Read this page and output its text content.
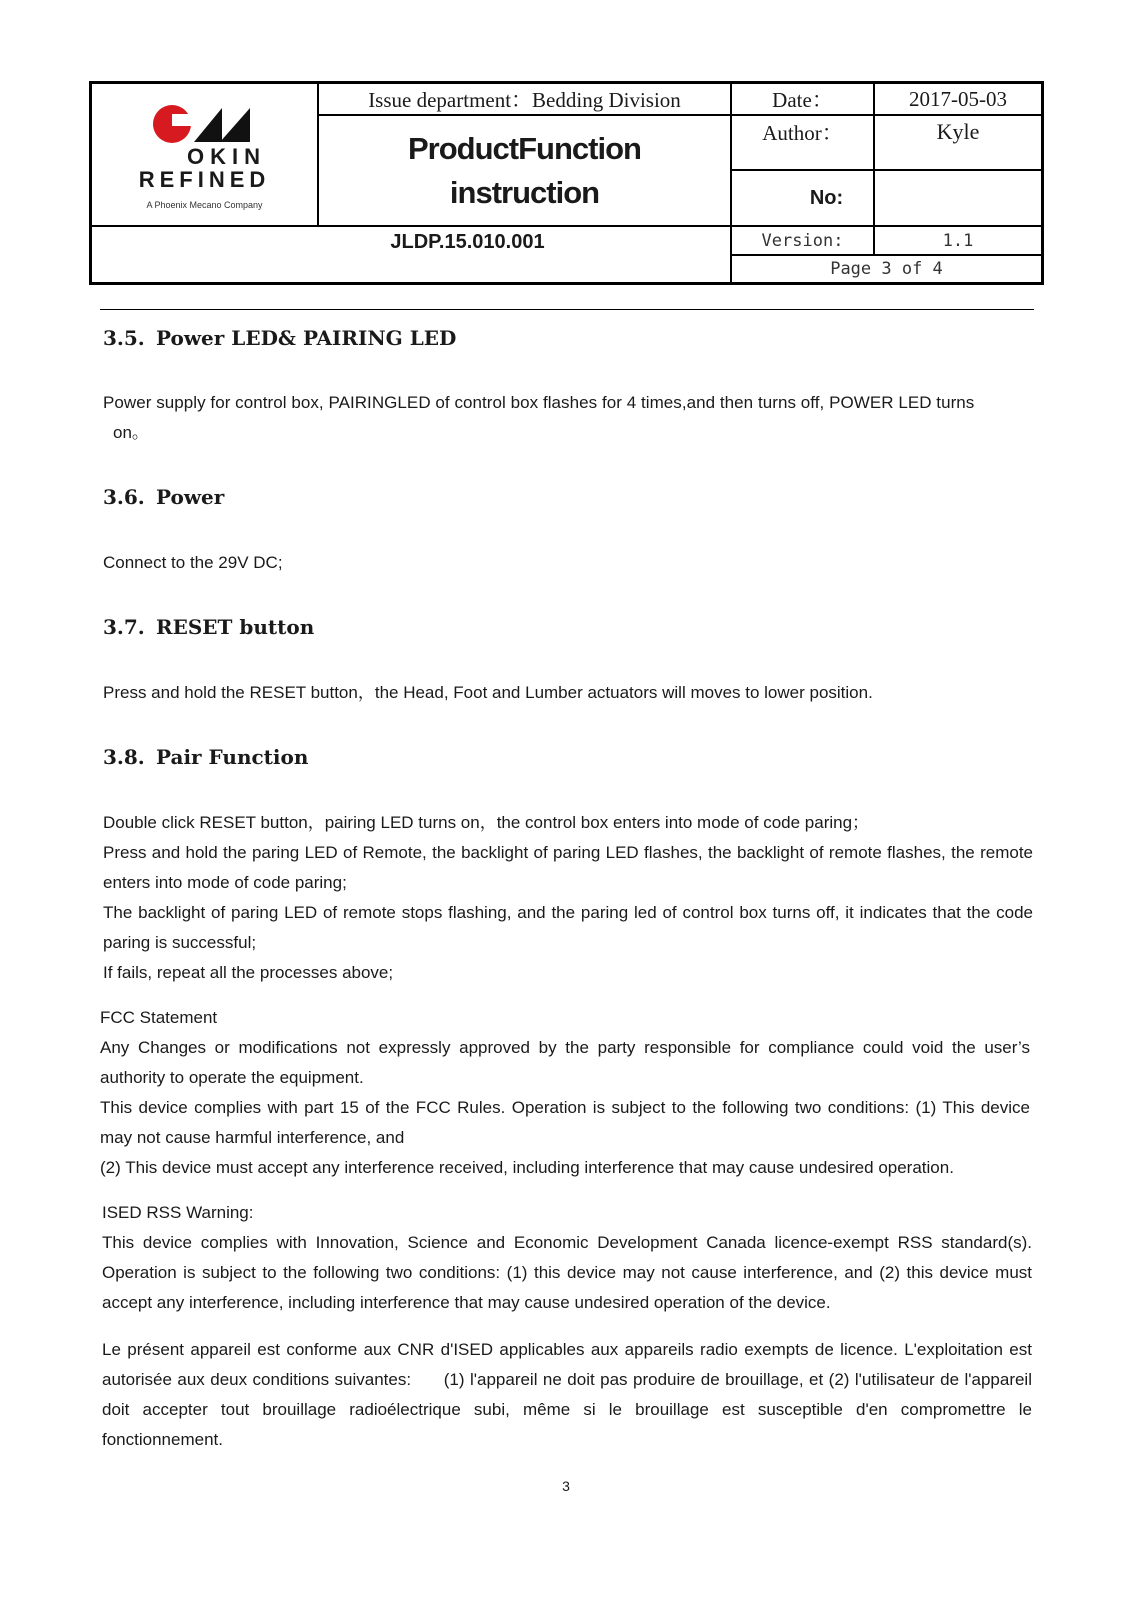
OKIN
REFINED
A Phoenix Mecano Company
Issue department：Bedding Division
ProductFunction
instruction
Date：	2017-05-03
Author：	Kyle
No:
JLDP.15.010.001	Version:	1.1
Page 3 of 4
3.5. Power LED& PAIRING LED
Power supply for control box, PAIRINGLED of control box flashes for 4 times,and then turns off, POWER LED turns
on。
3.6. Power
Connect to the 29V DC;
3.7. RESET button
Press and hold the RESET button，the Head, Foot and Lumber actuators will moves to lower position.
3.8. Pair Function
Double click RESET button，pairing LED turns on，the control box enters into mode of code paring；
Press and hold the paring LED of Remote, the backlight of paring LED flashes, the backlight of remote flashes, the remote enters into mode of code paring;
The backlight of paring LED of remote stops flashing, and the paring led of control box turns off, it indicates that the code paring is successful;
If fails, repeat all the processes above;
FCC Statement
Any Changes or modifications not expressly approved by the party responsible for compliance could void the user’s authority to operate the equipment.
This device complies with part 15 of the FCC Rules. Operation is subject to the following two conditions: (1) This device may not cause harmful interference, and
(2) This device must accept any interference received, including interference that may cause undesired operation.
ISED RSS Warning:
This device complies with Innovation, Science and Economic Development Canada licence-exempt RSS standard(s). Operation is subject to the following two conditions: (1) this device may not cause interference, and (2) this device must accept any interference, including interference that may cause undesired operation of the device.
Le présent appareil est conforme aux CNR d'ISED applicables aux appareils radio exempts de licence. L'exploitation est autorisée aux deux conditions suivantes:      (1) l'appareil ne doit pas produire de brouillage, et (2) l'utilisateur de l'appareil doit accepter tout brouillage radioélectrique subi, même si le brouillage est susceptible d'en compromettre le fonctionnement.
3
